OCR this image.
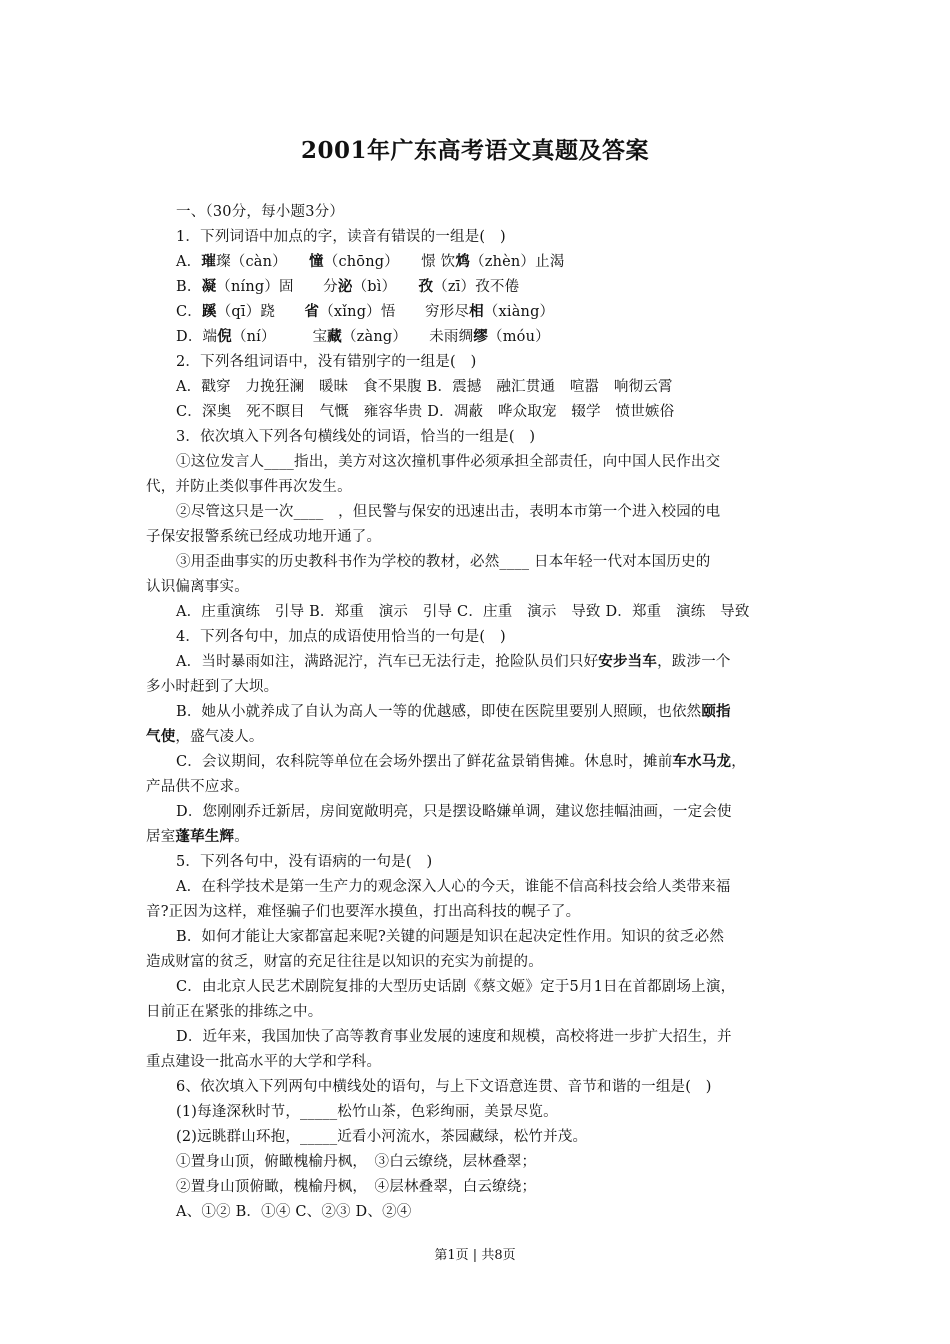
2001年广东高考语文真题及答案
一、（30分，每小题3分）
1．下列词语中加点的字，读音有错误的一组是(　)
A．璀璨（càn）　　憧（chōng）　　憬 饮鸩（zhèn）止渴
B．凝（níng）固　　分泌（bì）　　孜（zī）孜不倦
C．蹊（qī）跷　　省（xǐng）悟　　穷形尽相（xiàng）
D．端倪（ní）　　　宝藏（zàng）　　未雨绸缪（móu）
2．下列各组词语中，没有错别字的一组是(　)
A．戳穿　力挽狂澜　暖昧　食不果腹 B．震撼　融汇贯通　喧嚣　响彻云霄
C．深奥　死不瞑目　气慨　雍容华贵 D．凋蔽　哗众取宠　辍学　愤世嫉俗
3．依次填入下列各句横线处的词语，恰当的一组是(　)
①这位发言人____指出，美方对这次撞机事件必须承担全部责任，向中国人民作出交
代，并防止类似事件再次发生。
②尽管这只是一次____　，但民警与保安的迅速出击，表明本市第一个进入校园的电
子保安报警系统已经成功地开通了。
③用歪曲事实的历史教科书作为学校的教材，必然____ 日本年轻一代对本国历史的
认识偏离事实。
A．庄重演练　引导 B．郑重　演示　引导 C．庄重　演示　导致 D．郑重　演练　导致
4．下列各句中，加点的成语使用恰当的一句是(　)
A．当时暴雨如注，满路泥泞，汽车已无法行走，抢险队员们只好安步当车，跋涉一个
多小时赶到了大坝。
B．她从小就养成了自认为高人一等的优越感，即使在医院里要别人照顾，也依然颐指
气使，盛气凌人。
C．会议期间，农科院等单位在会场外摆出了鲜花盆景销售摊。休息时，摊前车水马龙，
产品供不应求。
D．您刚刚乔迁新居，房间宽敞明亮，只是摆设略嫌单调，建议您挂幅油画，一定会使
居室蓬荜生辉。
5．下列各句中，没有语病的一句是(　)
A．在科学技术是第一生产力的观念深入人心的今天，谁能不信高科技会给人类带来福
音?正因为这样，难怪骗子们也要浑水摸鱼，打出高科技的幌子了。
B．如何才能让大家都富起来呢?关键的问题是知识在起决定性作用。知识的贫乏必然
造成财富的贫乏，财富的充足往往是以知识的充实为前提的。
C．由北京人民艺术剧院复排的大型历史话剧《蔡文姬》定于5月1日在首都剧场上演，
日前正在紧张的排练之中。
D．近年来，我国加快了高等教育事业发展的速度和规模，高校将进一步扩大招生，并
重点建设一批高水平的大学和学科。
6、依次填入下列两句中横线处的语句，与上下文语意连贯、音节和谐的一组是(　)
(1)每逢深秋时节，_____松竹山茶，色彩绚丽，美景尽览。
(2)远眺群山环抱，_____近看小河流水，茶园藏绿，松竹并茂。
①置身山顶，俯瞰槐榆丹枫，　③白云缭绕，层林叠翠；
②置身山顶俯瞰，槐榆丹枫，　④层林叠翠，白云缭绕；
A、①② B．①④ C、②③ D、②④
第1页 | 共8页
